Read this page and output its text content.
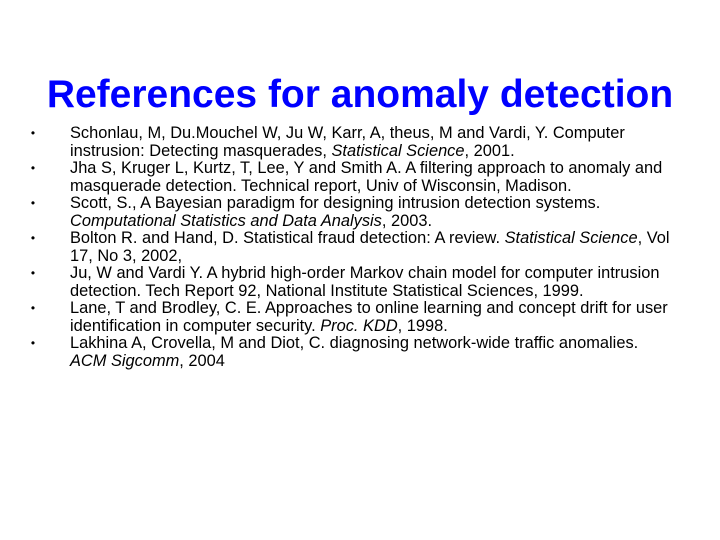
References for anomaly detection
• Schonlau, M, Du.Mouchel W, Ju W, Karr, A, theus, M and Vardi, Y. Computer instrusion: Detecting masquerades, Statistical Science, 2001.
• Jha S, Kruger L, Kurtz, T, Lee, Y and Smith A. A filtering approach to anomaly and masquerade detection. Technical report, Univ of Wisconsin, Madison.
• Scott, S., A Bayesian paradigm for designing intrusion detection systems. Computational Statistics and Data Analysis, 2003.
• Bolton R. and Hand, D. Statistical fraud detection: A review. Statistical Science, Vol 17, No 3, 2002,
• Ju, W and Vardi Y. A hybrid high-order Markov chain model for computer intrusion detection. Tech Report 92, National Institute Statistical Sciences, 1999.
• Lane, T and Brodley, C. E. Approaches to online learning and concept drift for user identification in computer security. Proc. KDD, 1998.
• Lakhina A, Crovella, M and Diot, C. diagnosing network-wide traffic anomalies. ACM Sigcomm, 2004
